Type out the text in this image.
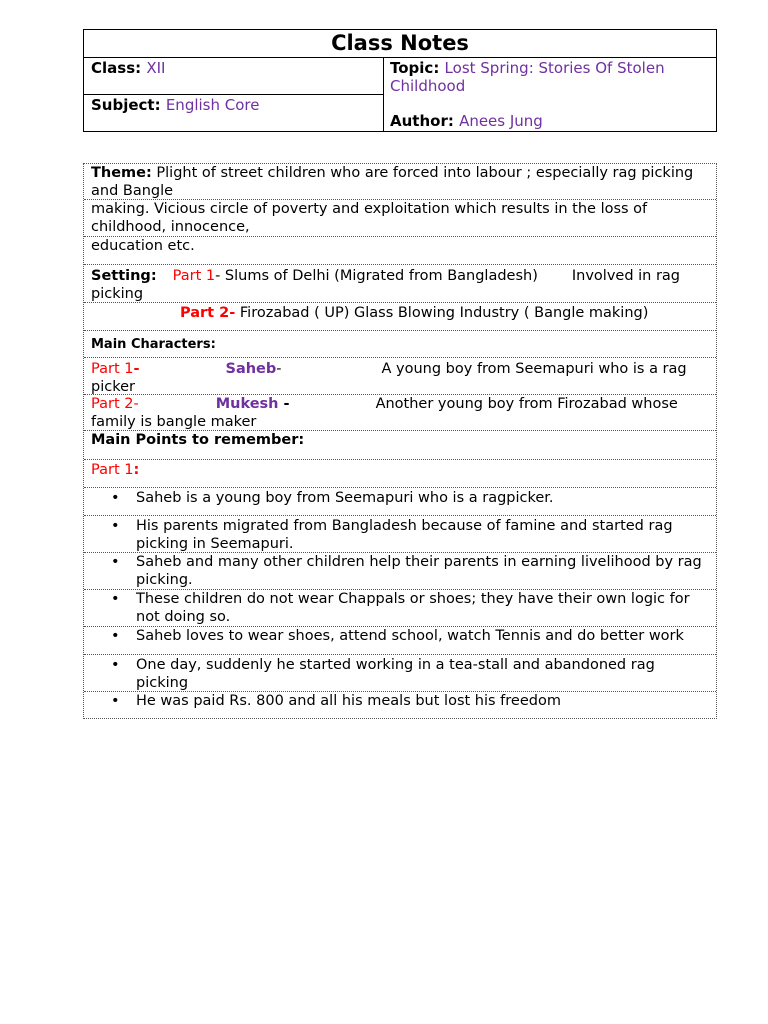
Class Notes
Class: XII
Subject: English Core
Topic: Lost Spring: Stories Of Stolen Childhood
Author: Anees Jung
Theme: Plight of street children who are forced into labour ; especially rag picking and Bangle
making. Vicious circle of poverty and exploitation which results in the loss of childhood, innocence,
education etc.
Setting: Part 1- Slums of Delhi (Migrated from Bangladesh) Involved in rag picking
Part 2- Firozabad ( UP) Glass Blowing Industry ( Bangle making)
Main Characters:
Part 1-	Saheb-	A young boy from Seemapuri who is a rag picker
Part 2-	Mukesh -	Another young boy from Firozabad whose family is bangle maker
Main Points to remember:
Part 1:
• Saheb is a young boy from Seemapuri who is a ragpicker.
• His parents migrated from Bangladesh because of famine and started rag picking in Seemapuri.
• Saheb and many other children help their parents in earning livelihood by rag picking.
• These children do not wear Chappals or shoes; they have their own logic for not doing so.
• Saheb loves to wear shoes, attend school, watch Tennis and do better work
• One day, suddenly he started working in a tea-stall and abandoned rag picking
• He was paid Rs. 800 and all his meals but lost his freedom
